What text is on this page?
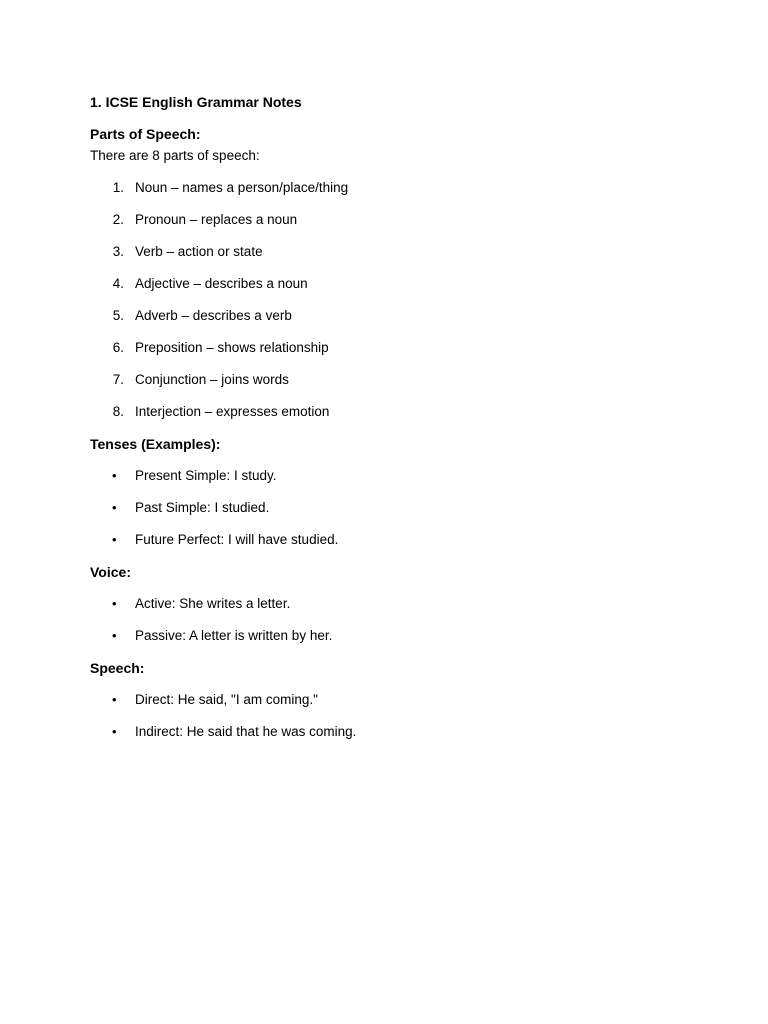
1. ICSE English Grammar Notes
Parts of Speech:
There are 8 parts of speech:
1. Noun – names a person/place/thing
2. Pronoun – replaces a noun
3. Verb – action or state
4. Adjective – describes a noun
5. Adverb – describes a verb
6. Preposition – shows relationship
7. Conjunction – joins words
8. Interjection – expresses emotion
Tenses (Examples):
• Present Simple: I study.
• Past Simple: I studied.
• Future Perfect: I will have studied.
Voice:
• Active: She writes a letter.
• Passive: A letter is written by her.
Speech:
• Direct: He said, "I am coming."
• Indirect: He said that he was coming.
